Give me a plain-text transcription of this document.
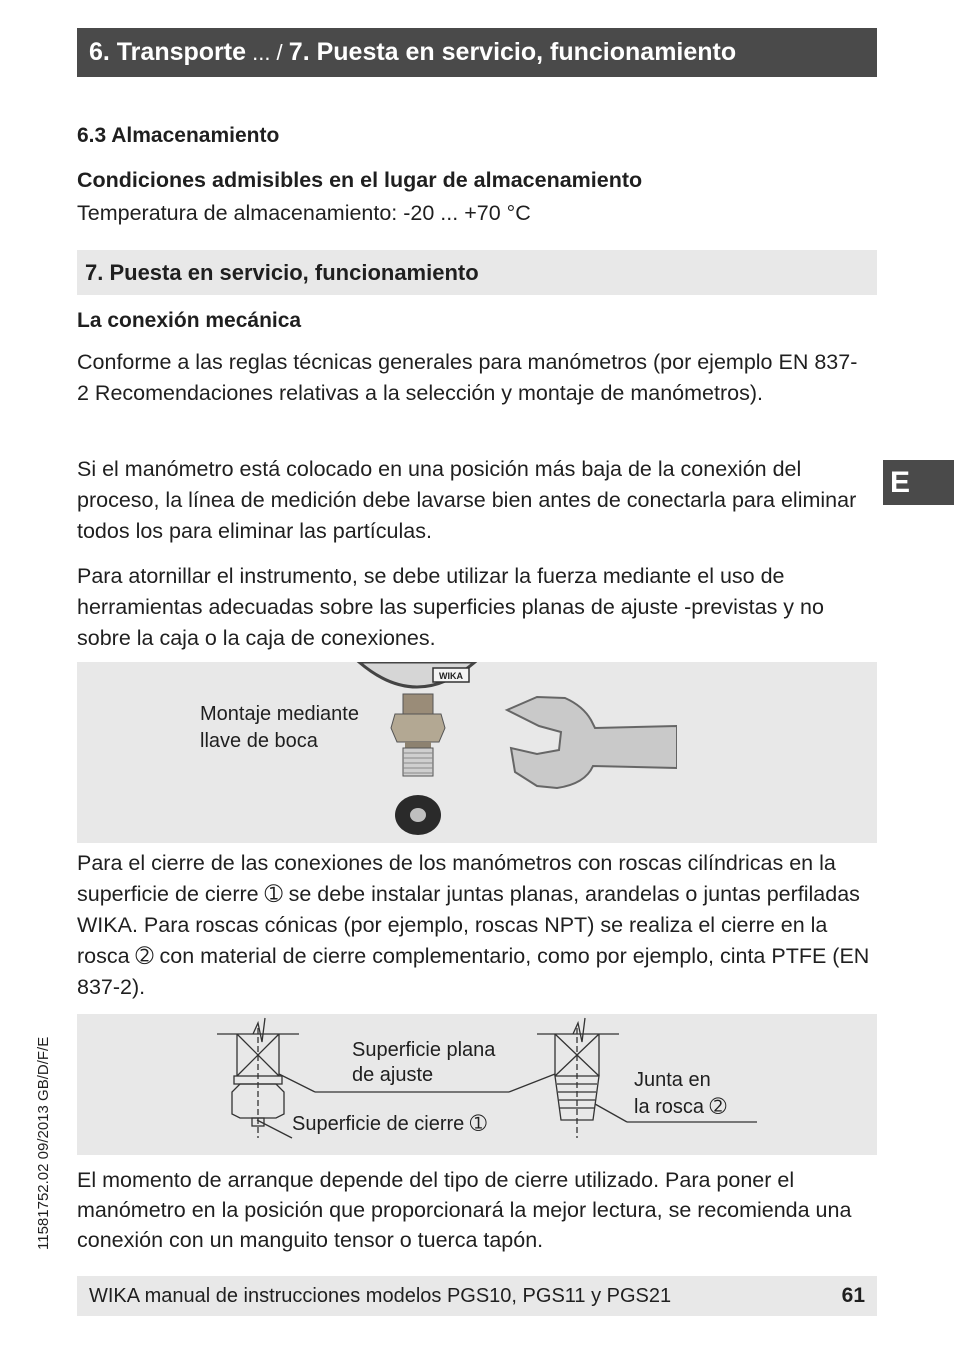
6. Transporte ... / 7. Puesta en servicio, funcionamiento
6.3 Almacenamiento
Condiciones admisibles en el lugar de almacenamiento
Temperatura de almacenamiento: -20 ... +70 °C
7. Puesta en servicio, funcionamiento
La conexión mecánica
Conforme a las reglas técnicas generales para manómetros (por ejemplo EN 837-2 Recomendaciones relativas a la selección y montaje de manómetros).
Si el manómetro está colocado en una posición más baja de la conexión del proceso, la línea de medición debe lavarse bien antes de conectarla para eliminar todos los para eliminar las partículas.
Para atornillar el instrumento, se debe utilizar la fuerza mediante el uso de herramientas adecuadas sobre las superficies planas de ajuste -previstas y no sobre la caja o la caja de conexiones.
E
Montaje mediante
llave de boca
WIKA
Para el cierre de las conexiones de los manómetros con roscas cilíndricas en la superficie de cierre ➀ se debe instalar juntas planas, arandelas o juntas perfiladas WIKA. Para roscas cónicas (por ejemplo, roscas NPT) se realiza el cierre en la rosca ➁ con material de cierre complementario, como por ejemplo, cinta PTFE (EN 837-2).
Superficie plana
de ajuste
Superficie de cierre ➀
Junta en
la rosca ➁
El momento de arranque depende del tipo de cierre utilizado. Para poner el manómetro en la posición que proporcionará la mejor lectura, se recomienda una conexión con un manguito tensor o tuerca tapón.
11581752.02 09/2013 GB/D/F/E
WIKA manual de instrucciones modelos PGS10, PGS11 y PGS21	61
